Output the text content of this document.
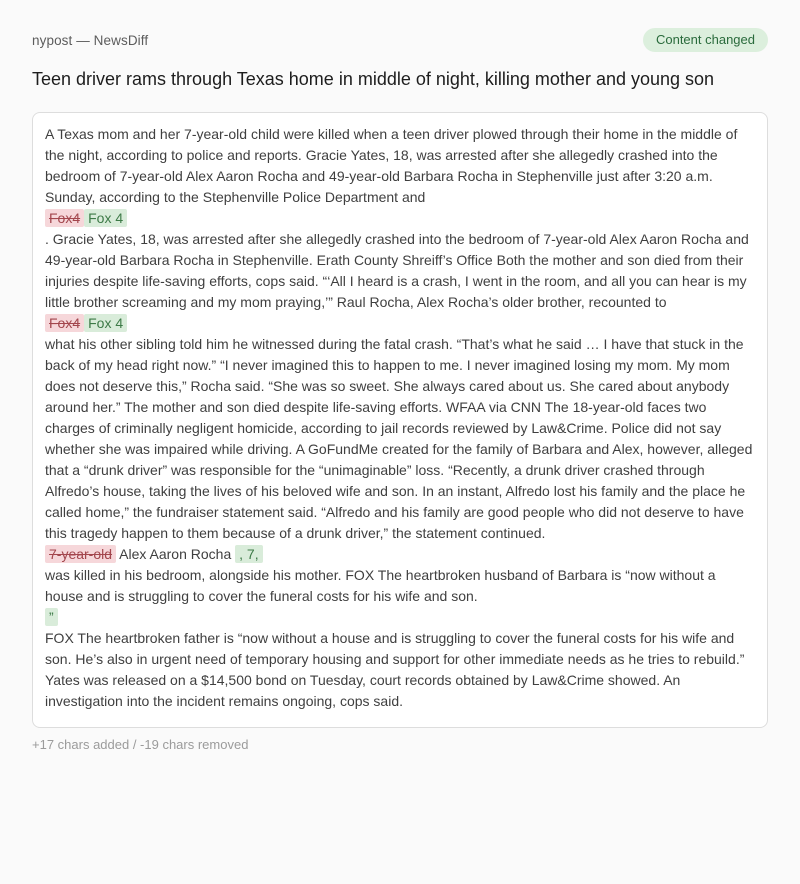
nypost — NewsDiff	Content changed
Teen driver rams through Texas home in middle of night, killing mother and young son

A Texas mom and her 7-year-old child were killed when a teen driver plowed through their home in the middle of the night, according to police and reports. Gracie Yates, 18, was arrested after she allegedly crashed into the bedroom of 7-year-old Alex Aaron Rocha and 49-year-old Barbara Rocha in Stephenville just after 3:20 a.m. Sunday, according to the Stephenville Police Department and

Fox4 Fox 4

. Gracie Yates, 18, was arrested after she allegedly crashed into the bedroom of 7-year-old Alex Aaron Rocha and 49-year-old Barbara Rocha in Stephenville. Erath County Shreiff’s Office Both the mother and son died from their injuries despite life-saving efforts, cops said. “‘All I heard is a crash, I went in the room, and all you can hear is my little brother screaming and my mom praying,’” Raul Rocha, Alex Rocha’s older brother, recounted to

Fox4 Fox 4

what his other sibling told him he witnessed during the fatal crash. “That’s what he said … I have that stuck in the back of my head right now.” “I never imagined this to happen to me. I never imagined losing my mom. My mom does not deserve this,” Rocha said. “She was so sweet. She always cared about us. She cared about anybody around her.” The mother and son died despite life-saving efforts. WFAA via CNN The 18-year-old faces two charges of criminally negligent homicide, according to jail records reviewed by Law&Crime. Police did not say whether she was impaired while driving. A GoFundMe created for the family of Barbara and Alex, however, alleged that a “drunk driver” was responsible for the “unimaginable” loss. “Recently, a drunk driver crashed through Alfredo’s house, taking the lives of his beloved wife and son. In an instant, Alfredo lost his family and the place he called home,” the fundraiser statement said. “Alfredo and his family are good people who did not deserve to have this tragedy happen to them because of a drunk driver,” the statement continued.

7-year-old Alex Aaron Rocha , 7,

was killed in his bedroom, alongside his mother. FOX The heartbroken husband of Barbara is “now without a house and is struggling to cover the funeral costs for his wife and son.

”

FOX The heartbroken father is “now without a house and is struggling to cover the funeral costs for his wife and son. He’s also in urgent need of temporary housing and support for other immediate needs as he tries to rebuild.” Yates was released on a $14,500 bond on Tuesday, court records obtained by Law&Crime showed. An investigation into the incident remains ongoing, cops said.

+17 chars added / -19 chars removed
